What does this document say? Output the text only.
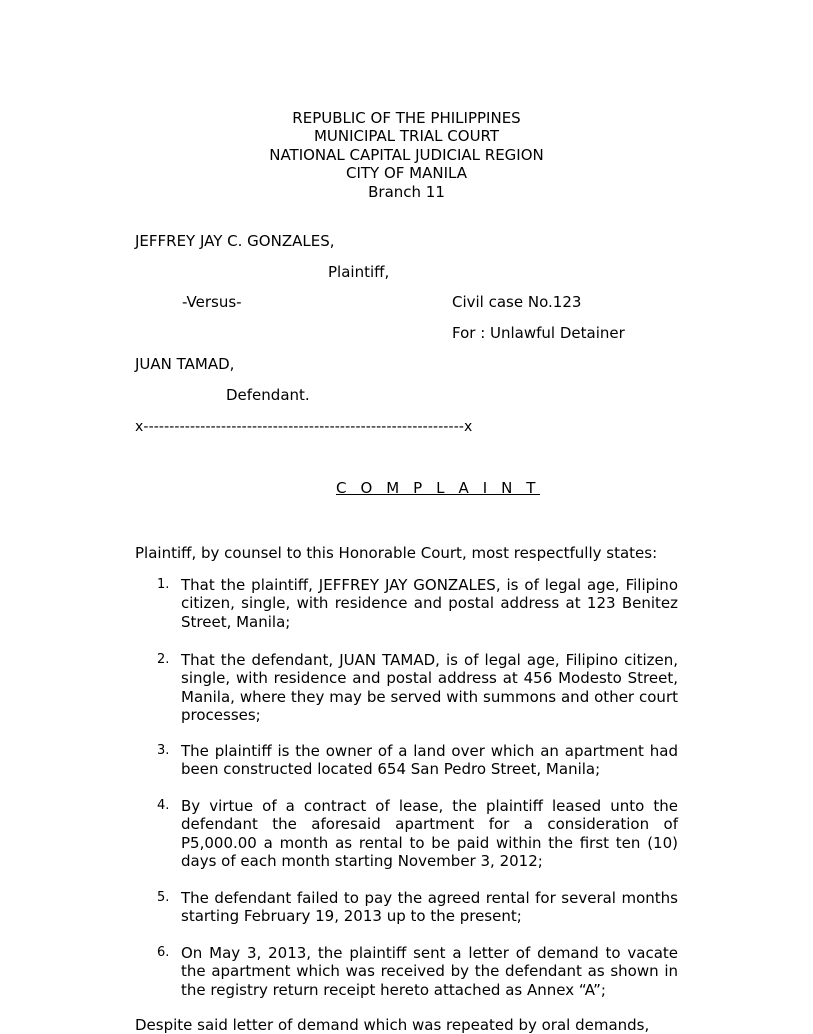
REPUBLIC OF THE PHILIPPINES
MUNICIPAL TRIAL COURT
NATIONAL CAPITAL JUDICIAL REGION
CITY OF MANILA
Branch 11
JEFFREY JAY C. GONZALES,
Plaintiff,
-Versus-	Civil case No.123
For : Unlawful Detainer
JUAN TAMAD,
Defendant.
x--------------------------------------------------------------x
C O M P L A I N T
Plaintiff, by counsel to this Honorable Court, most respectfully states:
1. That the plaintiff, JEFFREY JAY GONZALES, is of legal age, Filipino citizen, single, with residence and postal address at 123 Benitez Street, Manila;
2. That the defendant, JUAN TAMAD, is of legal age, Filipino citizen, single, with residence and postal address at 456 Modesto Street, Manila, where they may be served with summons and other court processes;
3. The plaintiff is the owner of a land over which an apartment had been constructed located 654 San Pedro Street, Manila;
4. By virtue of a contract of lease, the plaintiff leased unto the defendant the aforesaid apartment for a consideration of P5,000.00 a month as rental to be paid within the first ten (10) days of each month starting November 3, 2012;
5. The defendant failed to pay the agreed rental for several months starting February 19, 2013 up to the present;
6. On May 3, 2013, the plaintiff sent a letter of demand to vacate the apartment which was received by the defendant as shown in the registry return receipt hereto attached as Annex “A”;
Despite said letter of demand which was repeated by oral demands,
